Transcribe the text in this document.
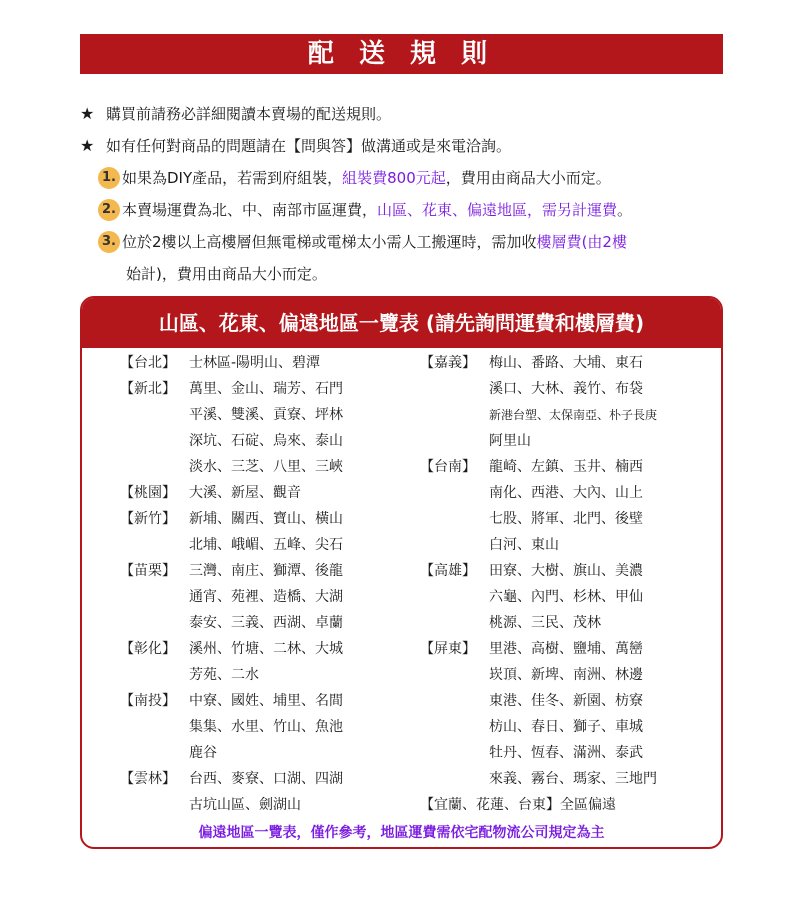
配 送 規 則
★ 購買前請務必詳細閱讀本賣場的配送規則。
★ 如有任何對商品的問題請在【問與答】做溝通或是來電洽詢。
1. 如果為DIY產品，若需到府組裝， 組裝費800元起 ，費用由商品大小而定。
2. 本賣場運費為北、中、南部市區運費， 山區、花東、偏遠地區，需另計運費 。
3. 位於2樓以上高樓層但無電梯或電梯太小需人工搬運時，需加收 樓層費 (由2樓
始計)，費用由商品大小而定。
山區、花東、偏遠地區一覽表 (請先詢問運費和樓層費)
【台北】 士林區-陽明山、碧潭
【新北】 萬里、金山、瑞芳、石門
平溪、雙溪、貢寮、坪林
深坑、石碇、烏來、泰山
淡水、三芝、八里、三峽
【桃園】 大溪、新屋、觀音
【新竹】 新埔、關西、寶山、橫山
北埔、峨嵋、五峰、尖石
【苗栗】 三灣、南庄、獅潭、後龍
通宵、苑裡、造橋、大湖
泰安、三義、西湖、卓蘭
【彰化】 溪州、竹塘、二林、大城
芳苑、二水
【南投】 中寮、國姓、埔里、名間
集集、水里、竹山、魚池
鹿谷
【雲林】 台西、麥寮、口湖、四湖
古坑山區、劍湖山
【嘉義】 梅山、番路、大埔、東石
溪口、大林、義竹、布袋
新港台塑、太保南亞、朴子長庚
阿里山
【台南】 龍崎、左鎮、玉井、楠西
南化、西港、大內、山上
七股、將軍、北門、後壁
白河、東山
【高雄】 田寮、大樹、旗山、美濃
六龜、內門、杉林、甲仙
桃源、三民、茂林
【屏東】 里港、高樹、鹽埔、萬巒
崁頂、新埤、南洲、林邊
東港、佳冬、新園、枋寮
枋山、春日、獅子、車城
牡丹、恆春、滿洲、泰武
來義、霧台、瑪家、三地門
【宜蘭、花蓮、台東】全區偏遠
偏遠地區一覽表，僅作參考，地區運費需依宅配物流公司規定為主
